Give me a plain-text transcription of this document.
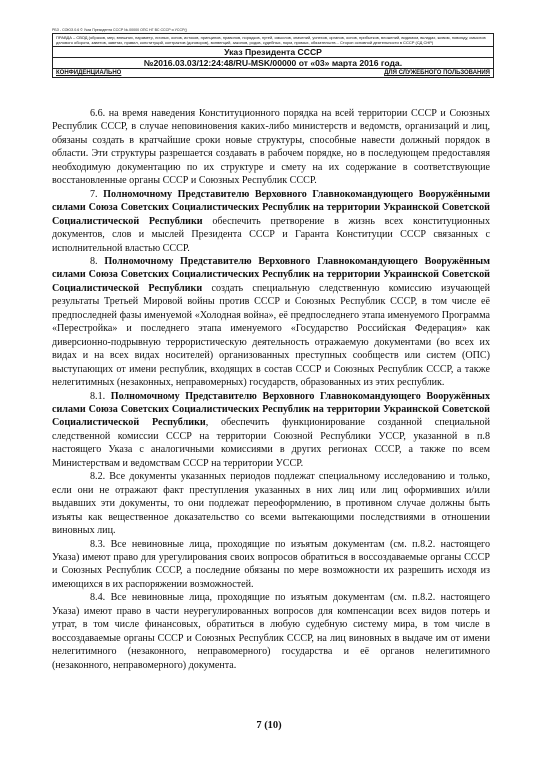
РБЗ - СОЮЗ.0.6 © Указ Президента СССР №.00000 ОПС НГ ВС СССР и УССР()
ПРАВДА – СВОД (образов, мер, внешних, параметр, личных, основ, истоков, принципов, правопов, порядков, путей, смыслов, значений, успехов, органов, основ, прибытков, вложений, видимом, вкладах, живом, повсюду, смыслов делового оборота, заветов, заветах, правил, конституций, контрактов (договоров), вонвенций, законов, родов, судебных, норм, прямых, обязательств... Сторон основной деятельности в СССР (СД СНР)
Указ Президента СССР
№2016.03.03/12:24:48/RU-MSK/00000 от «03» марта 2016 года.
КОНФИДЕНЦИАЛЬНО	ДЛЯ СЛУЖЕБНОГО ПОЛЬЗОВАНИЯ

6.6. на время наведения Конституционного порядка на всей территории СССР и Союзных Республик СССР, в случае неповиновения каких-либо министерств и ведомств, организаций и лиц, обязаны создать в кратчайшие сроки новые структуры, способные навести должный порядок в области. Эти структуры разрешается создавать в рабочем порядке, но в последующем предоставляя необходимую документацию по их структуре и смету на их содержание в соответствующие восстановленные органы СССР и Союзных Республик СССР.

7. Полномочному Представителю Верховного Главнокомандующего Вооружёнными силами Союза Советских Социалистических Республик на территории Украинской Советской Социалистической Республики обеспечить претворение в жизнь всех конституционных документов, слов и мыслей Президента СССР и Гаранта Конституции СССР связанных с исполнительной властью СССР.

8. Полномочному Представителю Верховного Главнокомандующего Вооружённым силами Союза Советских Социалистических Республик на территории Украинской Советской Социалистической Республики создать специальную следственную комиссию изучающей результаты Третьей Мировой войны против СССР и Союзных Республик СССР, в том числе её предпоследней фазы именуемой «Холодная война», её предпоследнего этапа именуемого Программа «Перестройка» и последнего этапа именуемого «Государство Российская Федерация» как диверсионно-подрывную террористическую деятельность отражаемую документами (во всех их видах и на всех видах носителей) организованных преступных сообществ или систем (ОПС) выступающих от имени республик, входящих в состав СССР и Союзных Республик СССР, а также нелегитимных (незаконных, неправомерных) государств, образованных из этих республик.

8.1. Полномочному Представителю Верховного Главнокомандующего Вооружённых силами Союза Советских Социалистических Республик на территории Украинской Советской Социалистической Республики, обеспечить функционирование созданной специальной следственной комиссии СССР на территории Союзной Республики УССР, указанной в п.8 настоящего Указа с аналогичными комиссиями в других регионах СССР, а также по всем Министерствам и ведомствам СССР на территории УССР.

8.2. Все документы указанных периодов подлежат специальному исследованию и только, если они не отражают факт преступления указанных в них лиц или лиц оформивших и/или выдавших эти документы, то они подлежат переоформлению, в противном случае должны быть изъяты как вещественное доказательство со всеми вытекающими последствиями в отношении виновных лиц.

8.3. Все невиновные лица, проходящие по изъятым документам (см. п.8.2. настоящего Указа) имеют право для урегулирования своих вопросов обратиться в воссоздаваемые органы СССР и Союзных Республик СССР, а последние обязаны по мере возможности их разрешить исходя из имеющихся в их распоряжении возможностей.

8.4. Все невиновные лица, проходящие по изъятым документам (см. п.8.2. настоящего Указа) имеют право в части неурегулированных вопросов для компенсации всех видов потерь и утрат, в том числе финансовых, обратиться в любую судебную систему мира, в том числе в воссоздаваемые органы СССР и Союзных Республик СССР, на лиц виновных в выдаче им от имени нелегитимного (незаконного, неправомерного) государства и её органов нелегитимного (незаконного, неправомерного) документа.

7 (10)
